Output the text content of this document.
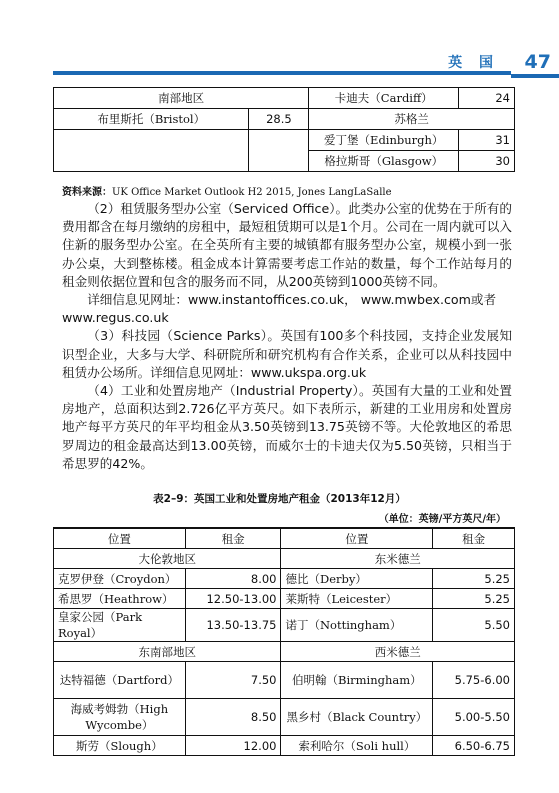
英 国 47
南部地区		卡迪夫（Cardiff）	24
布里斯托（Bristol）	28.5	苏格兰	
		爱丁堡（Edinburgh）	31
		格拉斯哥（Glasgow）	30
资料来源：UK Office Market Outlook H2 2015, Jones LangLaSalle

（2）租赁服务型办公室（Serviced Office）。此类办公室的优势在于所有的费用都含在每月缴纳的房租中，最短租赁期可以是1个月。公司在一周内就可以入住新的服务型办公室。在全英所有主要的城镇都有服务型办公室，规模小到一张办公桌，大到整栋楼。租金成本计算需要考虑工作站的数量，每个工作站每月的租金则依据位置和包含的服务而不同，从200英镑到1000英镑不同。

详细信息见网址：www.instantoffices.co.uk， www.mwbex.com或者

www.regus.co.uk

（3）科技园（Science Parks）。英国有100多个科技园，支持企业发展知识型企业，大多与大学、科研院所和研究机构有合作关系，企业可以从科技园中租赁办公场所。详细信息见网址：www.ukspa.org.uk

（4）工业和处置房地产（Industrial Property）。英国有大量的工业和处置房地产，总面积达到2.726亿平方英尺。如下表所示，新建的工业用房和处置房地产每平方英尺的年平均租金从3.50英镑到13.75英镑不等。大伦敦地区的希思罗周边的租金最高达到13.00英镑，而威尔士的卡迪夫仅为5.50英镑，只相当于希思罗的42%。

表2–9：英国工业和处置房地产租金（2013年12月）
（单位：英镑/平方英尺/年）
位置	租金	位置	租金
大伦敦地区		东米德兰	
克罗伊登（Croydon）	8.00	德比（Derby）	5.25
希思罗（Heathrow）	12.50-13.00	莱斯特（Leicester）	5.25
皇家公园（Park Royal）	13.50-13.75	诺丁（Nottingham）	5.50
东南部地区		西米德兰	
达特福德（Dartford）	7.50	伯明翰（Birmingham）	5.75-6.00
海威考姆勃（High Wycombe）	8.50	黑乡村（Black Country）	5.00-5.50
斯劳（Slough）	12.00	索利哈尔（Soli hull）	6.50-6.75
